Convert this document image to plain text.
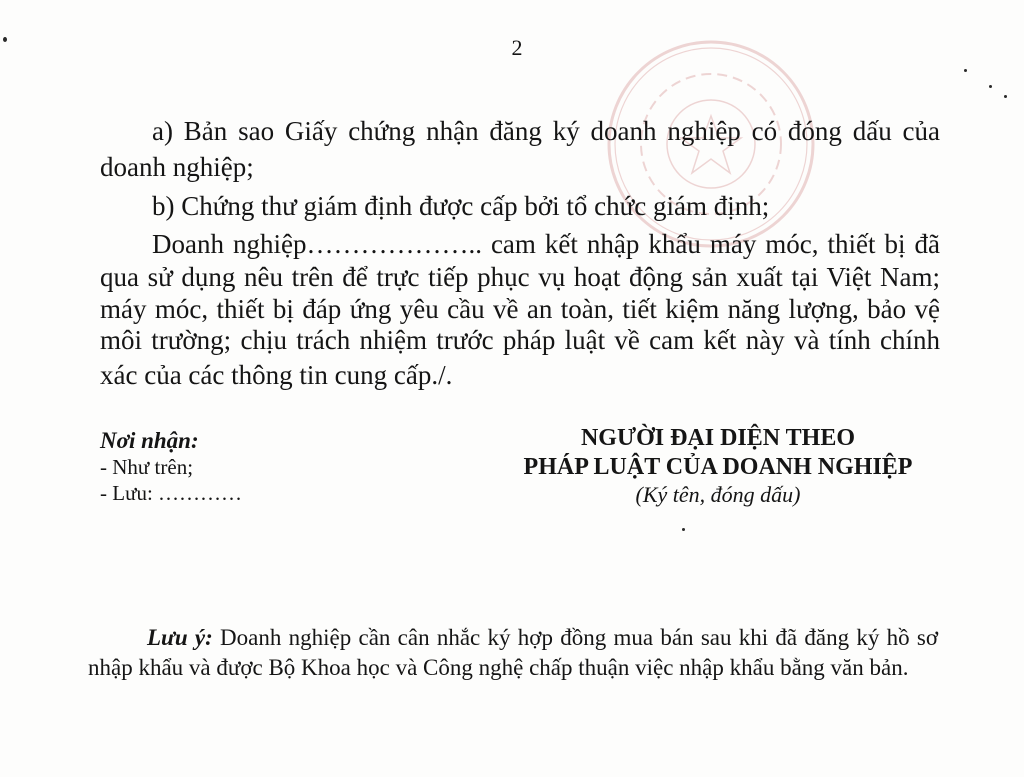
2
a) Bản sao Giấy chứng nhận đăng ký doanh nghiệp có đóng dấu của
doanh nghiệp;
b) Chứng thư giám định được cấp bởi tổ chức giám định;
Doanh nghiệp……………….. cam kết nhập khẩu máy móc, thiết bị đã
qua sử dụng nêu trên để trực tiếp phục vụ hoạt động sản xuất tại Việt Nam;
máy móc, thiết bị đáp ứng yêu cầu về an toàn, tiết kiệm năng lượng, bảo vệ
môi trường; chịu trách nhiệm trước pháp luật về cam kết này và tính chính
xác của các thông tin cung cấp./.
Nơi nhận:
- Như trên;
- Lưu: …………
NGƯỜI ĐẠI DIỆN THEO
PHÁP LUẬT CỦA DOANH NGHIỆP
(Ký tên, đóng dấu)
Lưu ý: Doanh nghiệp cần cân nhắc ký hợp đồng mua bán sau khi đã đăng ký hồ sơ
nhập khẩu và được Bộ Khoa học và Công nghệ chấp thuận việc nhập khẩu bằng văn bản.
